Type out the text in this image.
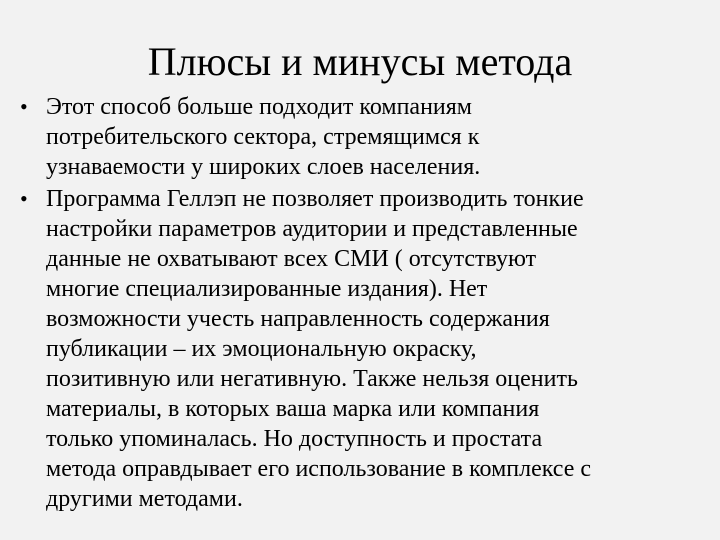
Плюсы и минусы метода
• Этот способ больше подходит компаниям
потребительского сектора, стремящимся к
узнаваемости у широких слоев населения.
• Программа Геллэп не позволяет производить тонкие
настройки параметров аудитории и представленные
данные не охватывают всех СМИ ( отсутствуют
многие специализированные издания). Нет
возможности учесть направленность содержания
публикации – их эмоциональную окраску,
позитивную или негативную. Также нельзя оценить
материалы, в которых ваша марка или компания
только упоминалась. Но доступность и простата
метода оправдывает его использование в комплексе с
другими методами.
